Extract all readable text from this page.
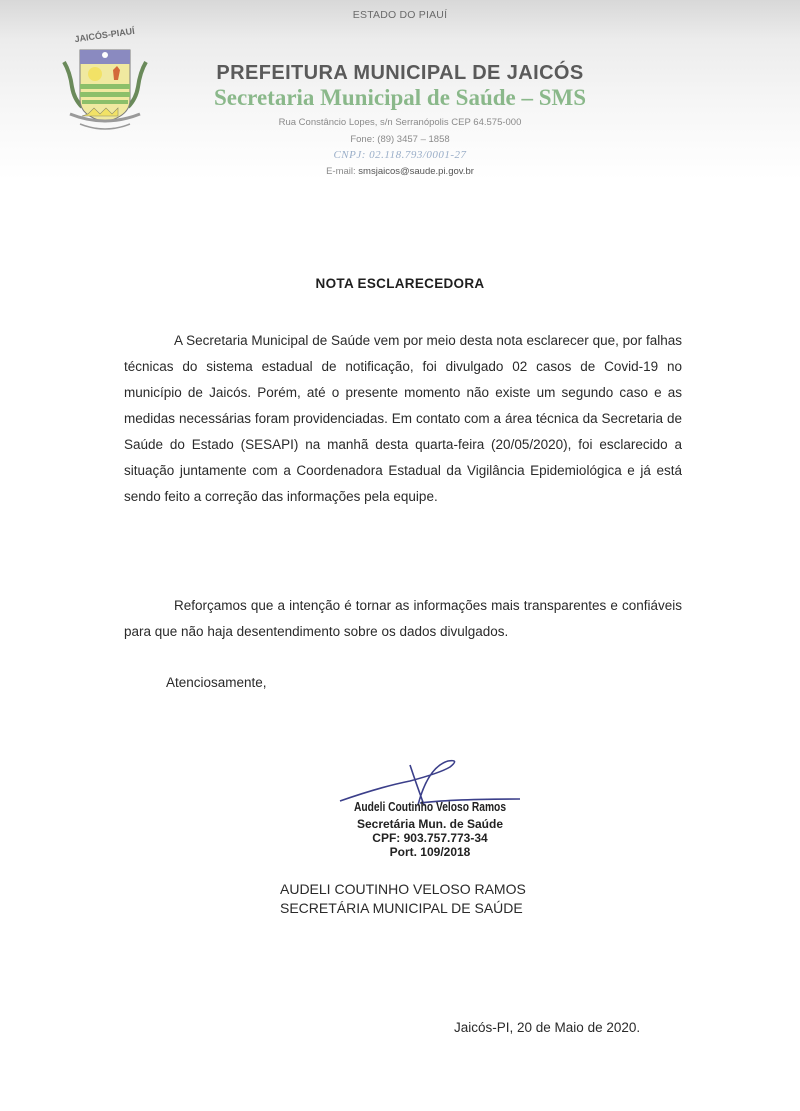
JAICÓS-PIAUÍ
ESTADO DO PIAUÍ
PREFEITURA MUNICIPAL DE JAICÓS
Secretaria Municipal de Saúde – SMS
Rua Constâncio Lopes, s/n Serranópolis CEP 64.575-000
Fone: (89) 3457 – 1858
CNPJ: 02.118.793/0001-27
E-mail: smsjaicos@saude.pi.gov.br
NOTA ESCLARECEDORA
A Secretaria Municipal de Saúde vem por meio desta nota esclarecer que, por falhas técnicas do sistema estadual de notificação, foi divulgado 02 casos de Covid-19 no município de Jaicós. Porém, até o presente momento não existe um segundo caso e as medidas necessárias foram providenciadas. Em contato com a área técnica da Secretaria de Saúde do Estado (SESAPI) na manhã desta quarta-feira (20/05/2020), foi esclarecido a situação juntamente com a Coordenadora Estadual da Vigilância Epidemiológica e já está sendo feito a correção das informações pela equipe.
Reforçamos que a intenção é tornar as informações mais transparentes e confiáveis para que não haja desentendimento sobre os dados divulgados.
Atenciosamente,
Audeli Coutinho Veloso Ramos
Secretária Mun. de Saúde
CPF: 903.757.773-34
Port. 109/2018
AUDELI COUTINHO VELOSO RAMOS
SECRETÁRIA MUNICIPAL DE SAÚDE
Jaicós-PI, 20 de Maio de 2020.
